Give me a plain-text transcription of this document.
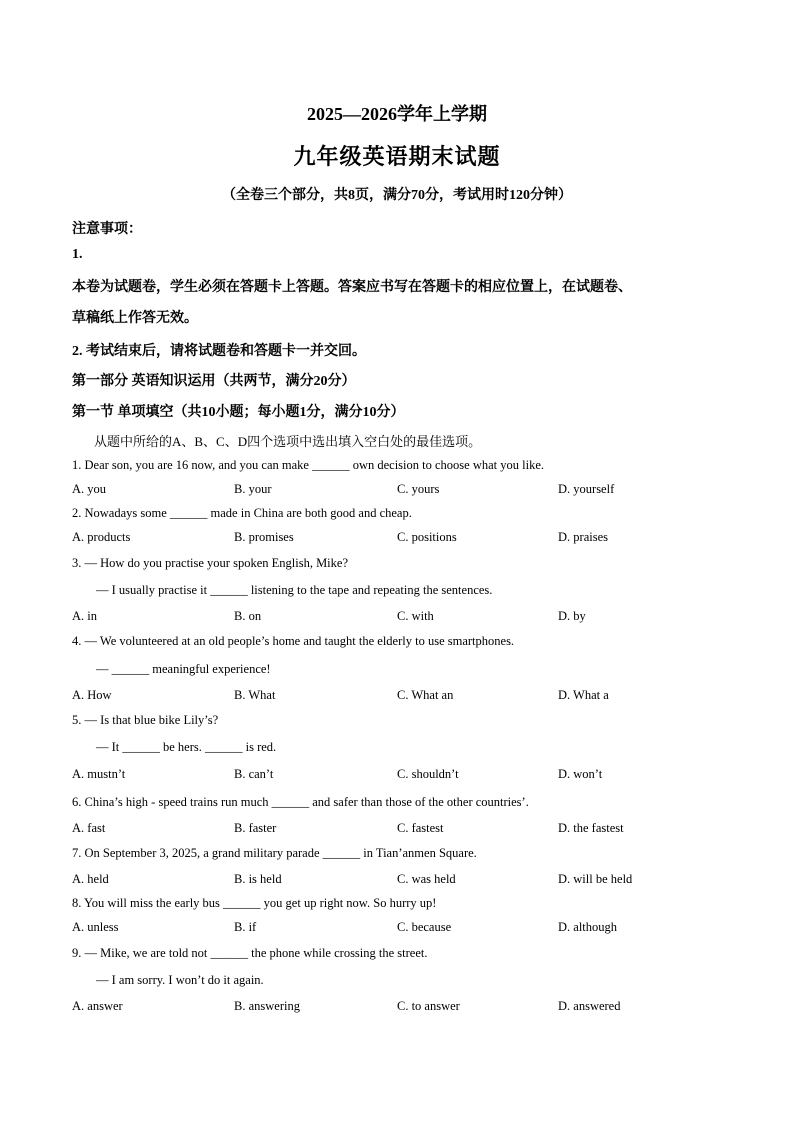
2025—2026学年上学期
九年级英语期末试题
（全卷三个部分，共8页，满分70分，考试用时120分钟）
注意事项：
1.
本卷为试题卷，学生必须在答题卡上答题。答案应书写在答题卡的相应位置上，在试题卷、
草稿纸上作答无效。
2. 考试结束后，请将试题卷和答题卡一并交回。
第一部分 英语知识运用（共两节，满分20分）
第一节 单项填空（共10小题；每小题1分，满分10分）
从题中所给的A、B、C、D四个选项中选出填入空白处的最佳选项。
1. Dear son, you are 16 now, and you can make ______ own decision to choose what you like.
A. you	B. your	C. yours	D. yourself
2. Nowadays some ______ made in China are both good and cheap.
A. products	B. promises	C. positions	D. praises
3. — How do you practise your spoken English, Mike?
— I usually practise it ______ listening to the tape and repeating the sentences.
A. in	B. on	C. with	D. by
4. — We volunteered at an old people’s home and taught the elderly to use smartphones.
— ______ meaningful experience!
A. How	B. What	C. What an	D. What a
5. — Is that blue bike Lily’s?
— It ______ be hers. ______ is red.
A. mustn’t	B. can’t	C. shouldn’t	D. won’t
6. China’s high - speed trains run much ______ and safer than those of the other countries’.
A. fast	B. faster	C. fastest	D. the fastest
7. On September 3, 2025, a grand military parade ______ in Tian’anmen Square.
A. held	B. is held	C. was held	D. will be held
8. You will miss the early bus ______ you get up right now. So hurry up!
A. unless	B. if	C. because	D. although
9. — Mike, we are told not ______ the phone while crossing the street.
— I am sorry. I won’t do it again.
A. answer	B. answering	C. to answer	D. answered
